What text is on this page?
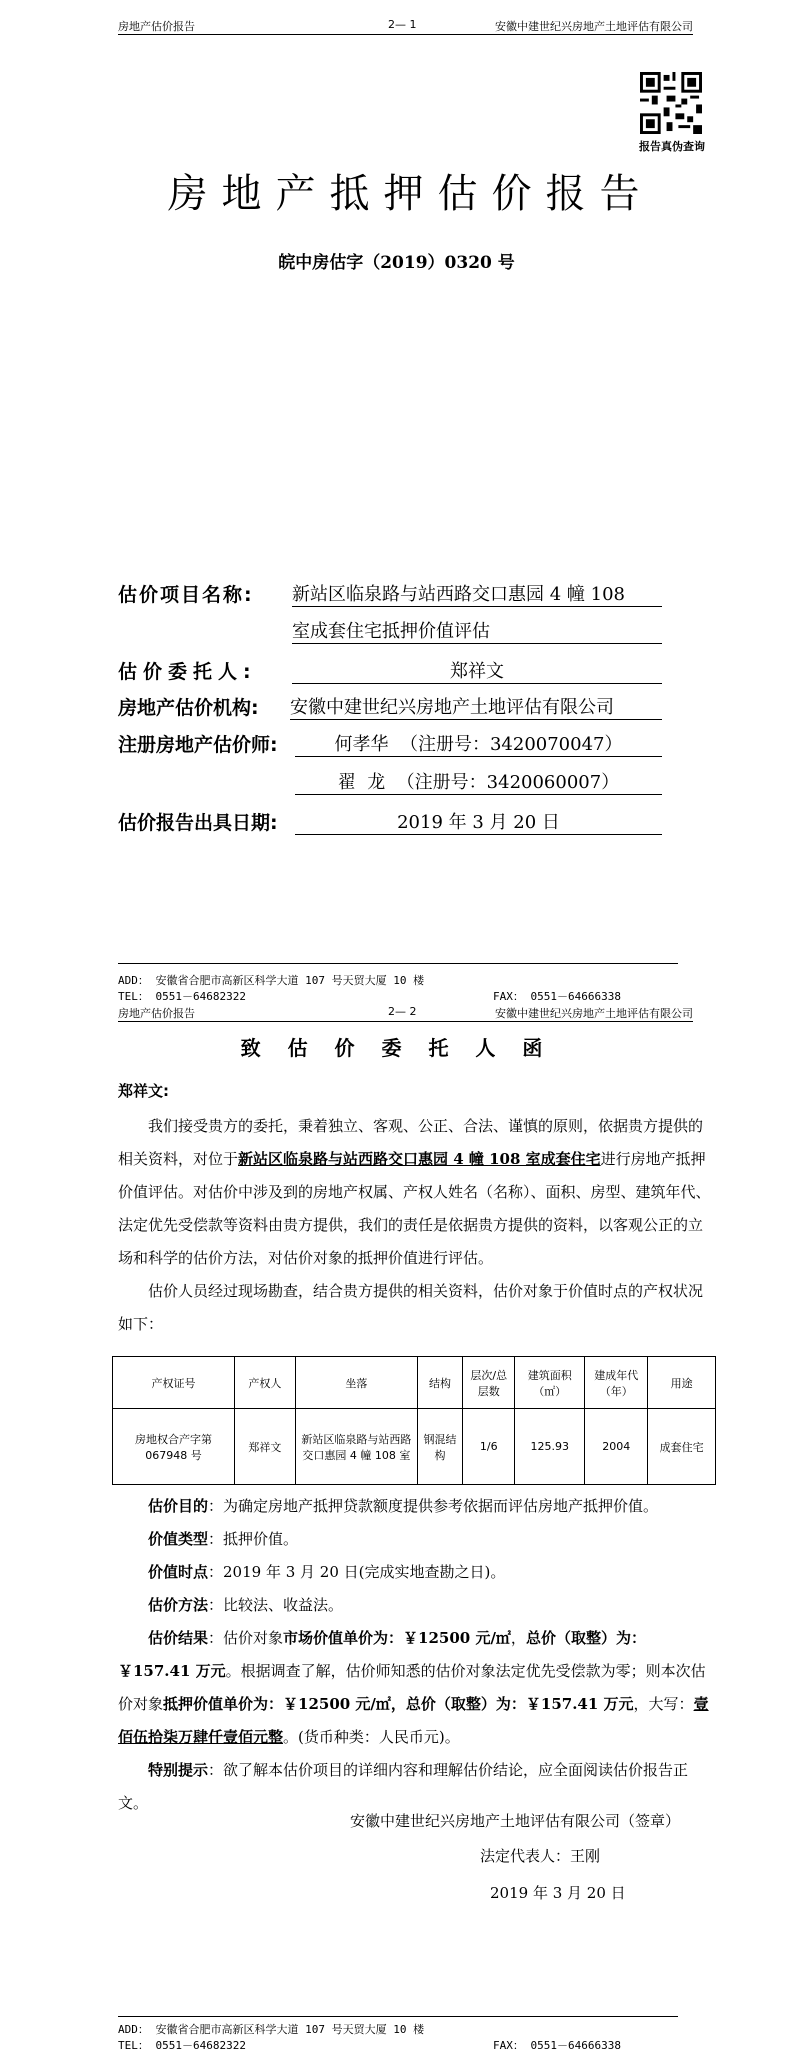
房地产估价报告	2— 1	安徽中建世纪兴房地产土地评估有限公司
报告真伪查询
房地产抵押估价报告
皖中房估字（2019）0320 号
估价项目名称: 新站区临泉路与站西路交口惠园 4 幢 108
室成套住宅抵押价值评估
估价委托人:	郑祥文
房地产估价机构: 安徽中建世纪兴房地产土地评估有限公司
注册房地产估价师:	何孝华  （注册号：3420070047）
翟  龙  （注册号：3420060007）
估价报告出具日期:	2019 年 3 月 20 日
ADD： 安徽省合肥市高新区科学大道 107 号天贸大厦 10 楼
TEL： 0551－64682322	FAX： 0551－64666338
房地产估价报告	2— 2	安徽中建世纪兴房地产土地评估有限公司
致 估 价 委 托 人 函
郑祥文:

我们接受贵方的委托，秉着独立、客观、公正、合法、谨慎的原则，依据贵方提供的相关资料，对位于新站区临泉路与站西路交口惠园 4 幢 108 室成套住宅进行房地产抵押价值评估。对估价中涉及到的房地产权属、产权人姓名（名称）、面积、房型、建筑年代、法定优先受偿款等资料由贵方提供，我们的责任是依据贵方提供的资料，以客观公正的立场和科学的估价方法，对估价对象的抵押价值进行评估。

估价人员经过现场勘查，结合贵方提供的相关资料，估价对象于价值时点的产权状况如下：

产权证号	产权人	坐落	结构	层次/总层数	建筑面积（㎡）	建成年代（年）	用途
房地权合产字第 067948 号	郑祥文	新站区临泉路与站西路交口惠园 4 幢 108 室	钢混结构	1/6	125.93	2004	成套住宅

估价目的：为确定房地产抵押贷款额度提供参考依据而评估房地产抵押价值。

价值类型：抵押价值。

价值时点：2019 年 3 月 20 日(完成实地查勘之日)。

估价方法：比较法、收益法。

估价结果：估价对象市场价值单价为：￥12500 元/㎡，总价（取整）为：￥157.41 万元。根据调查了解，估价师知悉的估价对象法定优先受偿款为零；则本次估价对象抵押价值单价为：￥12500 元/㎡，总价（取整）为：￥157.41 万元，大写：壹佰伍拾柒万肆仟壹佰元整。(货币种类：人民币元)。

特别提示：欲了解本估价项目的详细内容和理解估价结论，应全面阅读估价报告正文。

安徽中建世纪兴房地产土地评估有限公司（签章）
法定代表人：王刚
2019 年 3 月 20 日
ADD： 安徽省合肥市高新区科学大道 107 号天贸大厦 10 楼
TEL： 0551－64682322	FAX： 0551－64666338
